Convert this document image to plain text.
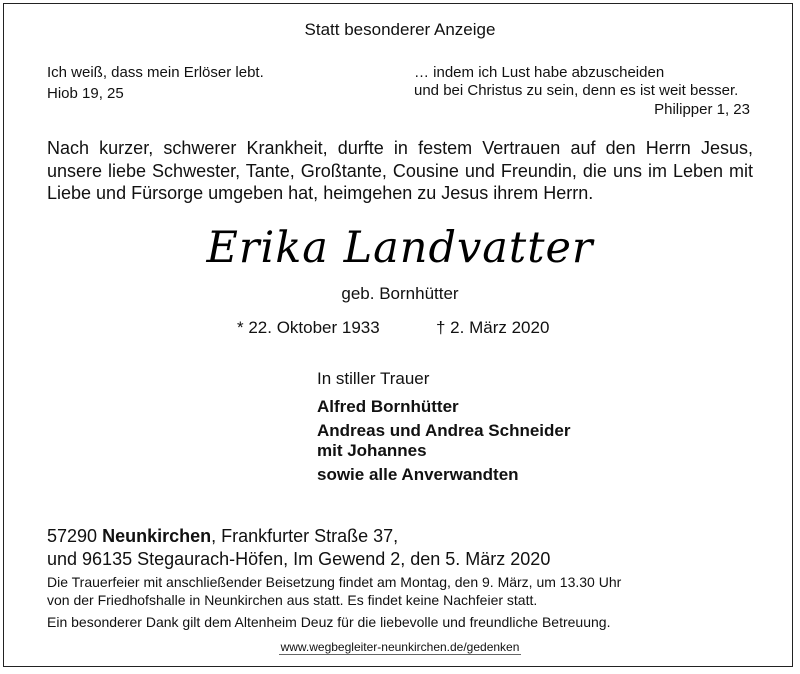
Statt besonderer Anzeige
Ich weiß, dass mein Erlöser lebt.
Hiob 19, 25
… indem ich Lust habe abzuscheiden
und bei Christus zu sein, denn es ist weit besser.
Philipper 1, 23
Nach kurzer, schwerer Krankheit, durfte in festem Vertrauen auf den Herrn Jesus, unsere liebe Schwester, Tante, Großtante, Cousine und Freundin, die uns im Leben mit Liebe und Fürsorge umgeben hat, heimgehen zu Jesus ihrem Herrn.
Erika Landvatter
geb. Bornhütter
* 22. Oktober 1933	† 2. März 2020
In stiller Trauer
Alfred Bornhütter
Andreas und Andrea Schneider
mit Johannes
sowie alle Anverwandten
57290 Neunkirchen, Frankfurter Straße 37,
und 96135 Stegaurach-Höfen, Im Gewend 2, den 5. März 2020
Die Trauerfeier mit anschließender Beisetzung findet am Montag, den 9. März, um 13.30 Uhr
von der Friedhofshalle in Neunkirchen aus statt. Es findet keine Nachfeier statt.
Ein besonderer Dank gilt dem Altenheim Deuz für die liebevolle und freundliche Betreuung.
www.wegbegleiter-neunkirchen.de/gedenken
